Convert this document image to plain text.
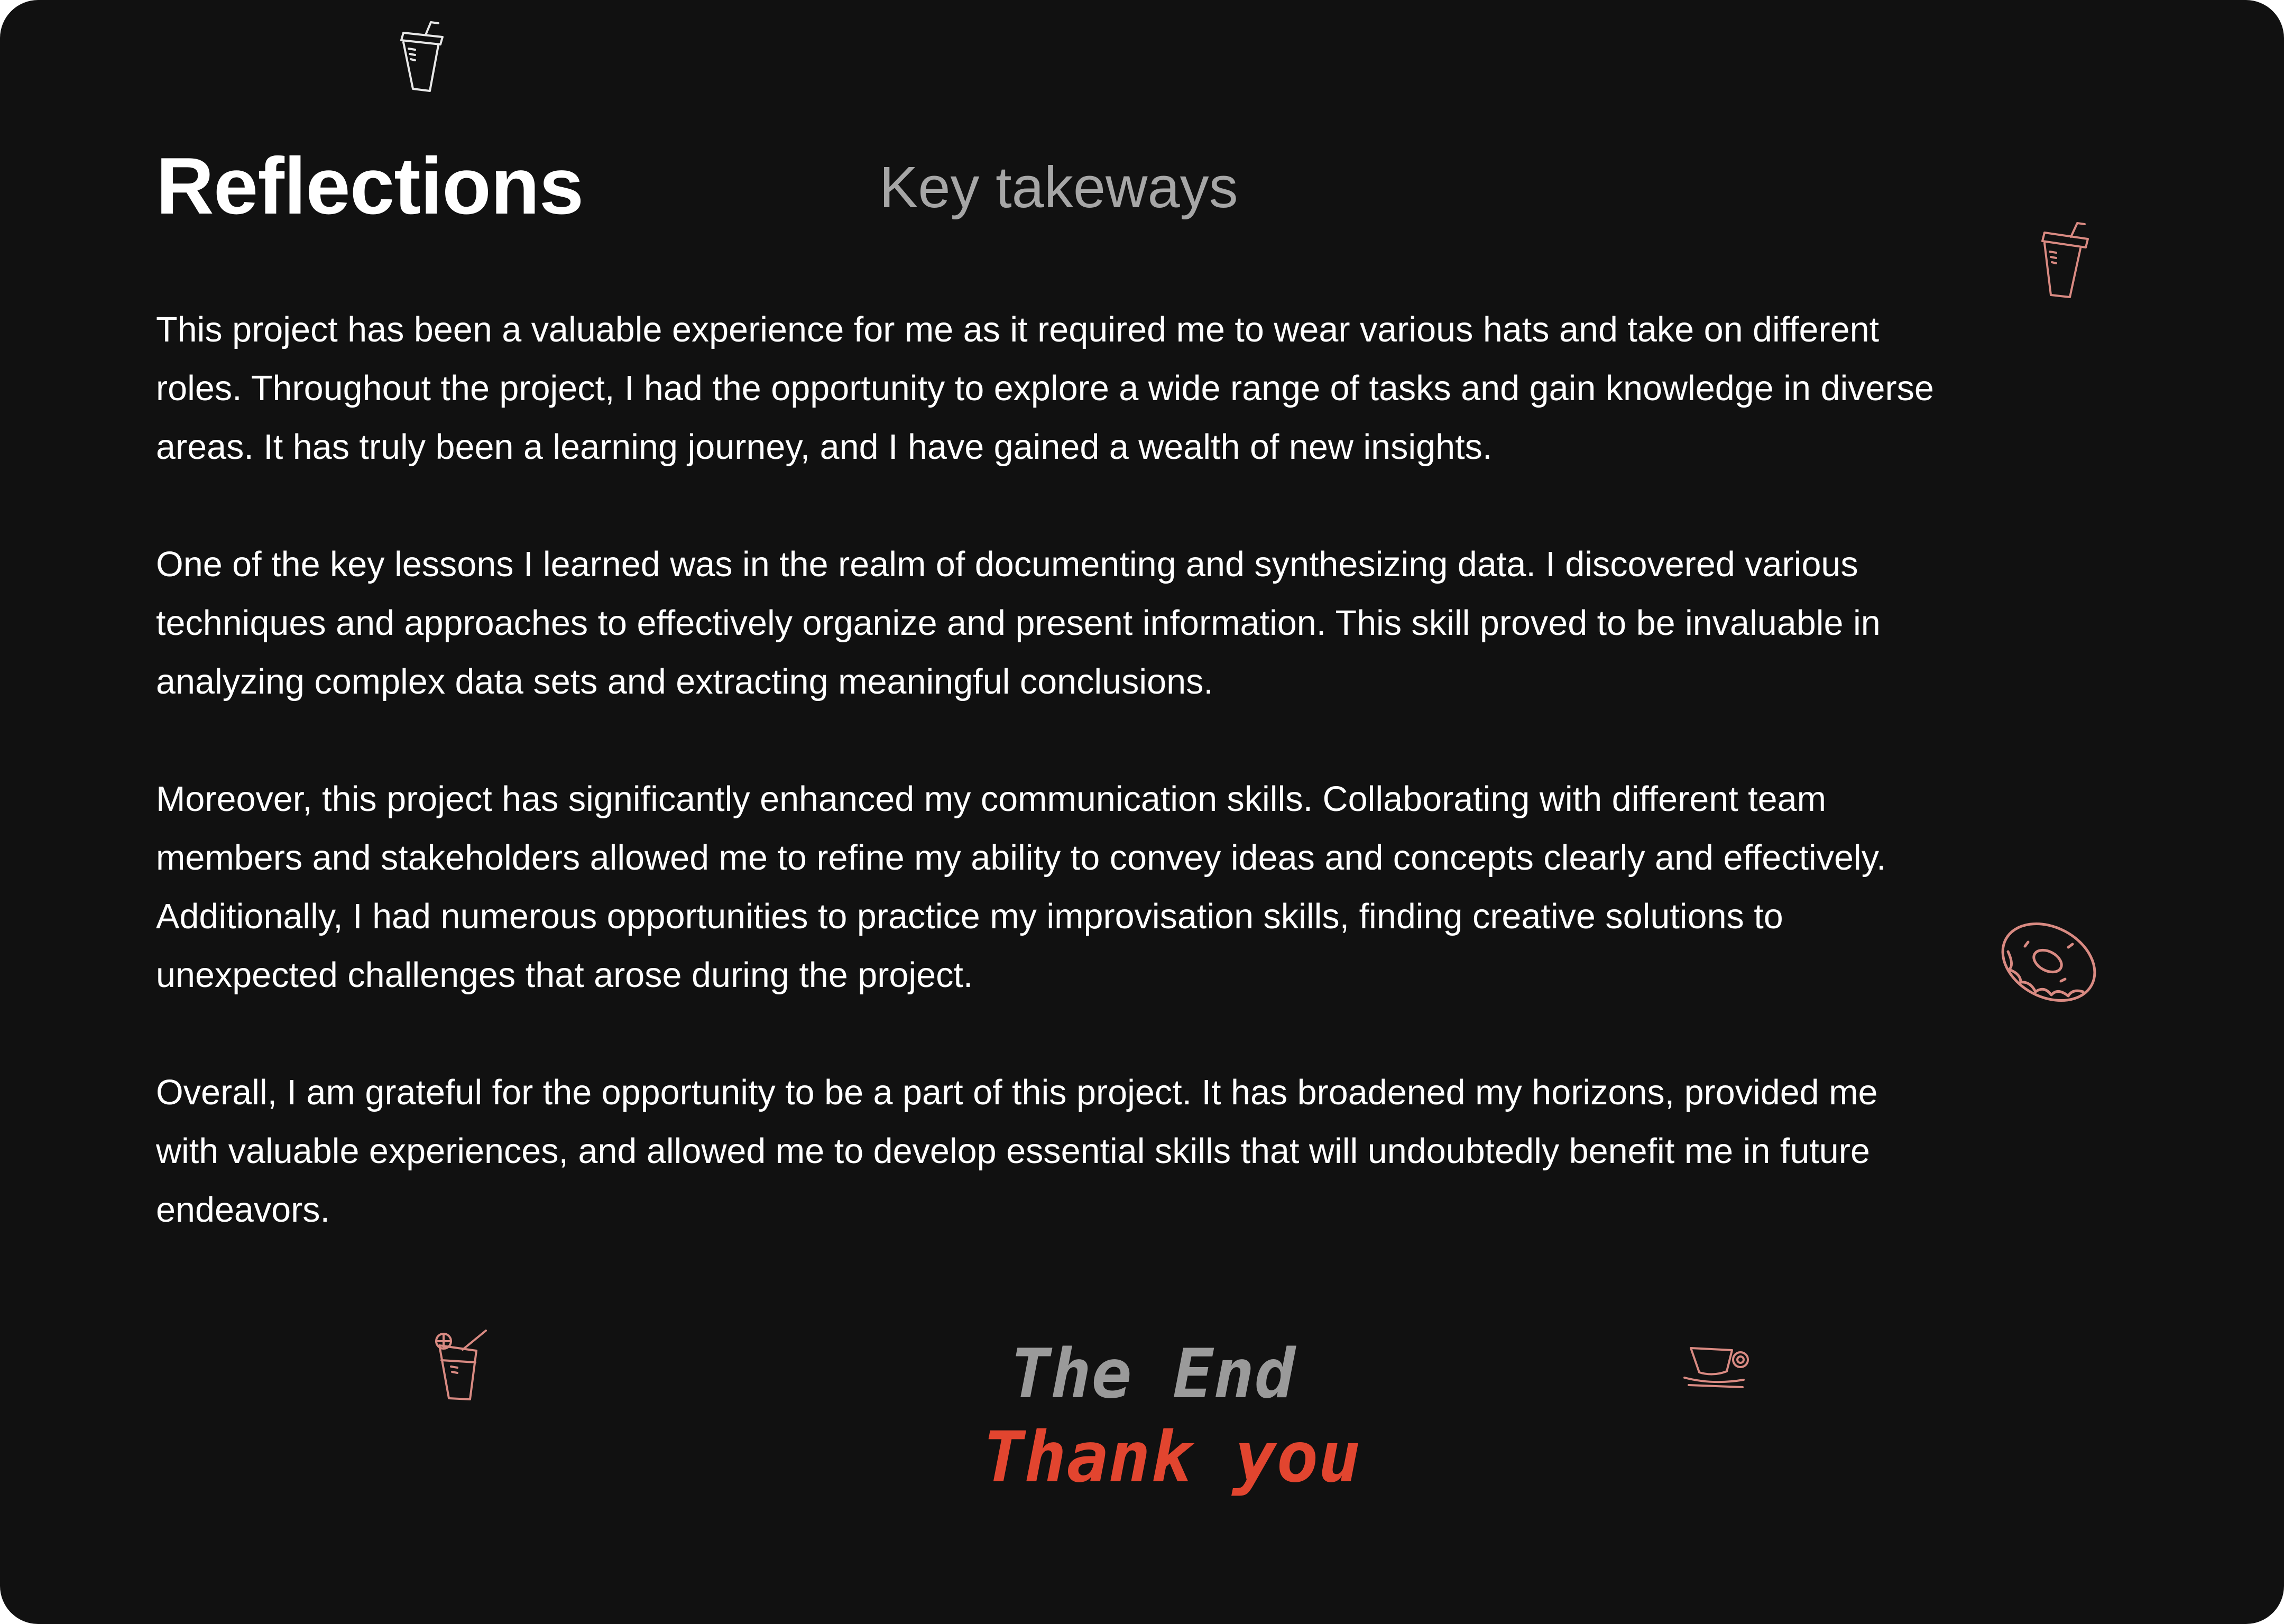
Reflections	Key takeways

This project has been a valuable experience for me as it required me to wear various hats and take on different
roles. Throughout the project, I had the opportunity to explore a wide range of tasks and gain knowledge in diverse
areas. It has truly been a learning journey, and I have gained a wealth of new insights.

One of the key lessons I learned was in the realm of documenting and synthesizing data. I discovered various
techniques and approaches to effectively organize and present information. This skill proved to be invaluable in
analyzing complex data sets and extracting meaningful conclusions.

Moreover, this project has significantly enhanced my communication skills. Collaborating with different team
members and stakeholders allowed me to refine my ability to convey ideas and concepts clearly and effectively.
Additionally, I had numerous opportunities to practice my improvisation skills, finding creative solutions to
unexpected challenges that arose during the project.

Overall, I am grateful for the opportunity to be a part of this project. It has broadened my horizons, provided me
with valuable experiences, and allowed me to develop essential skills that will undoubtedly benefit me in future
endeavors.

The End

Thank you
